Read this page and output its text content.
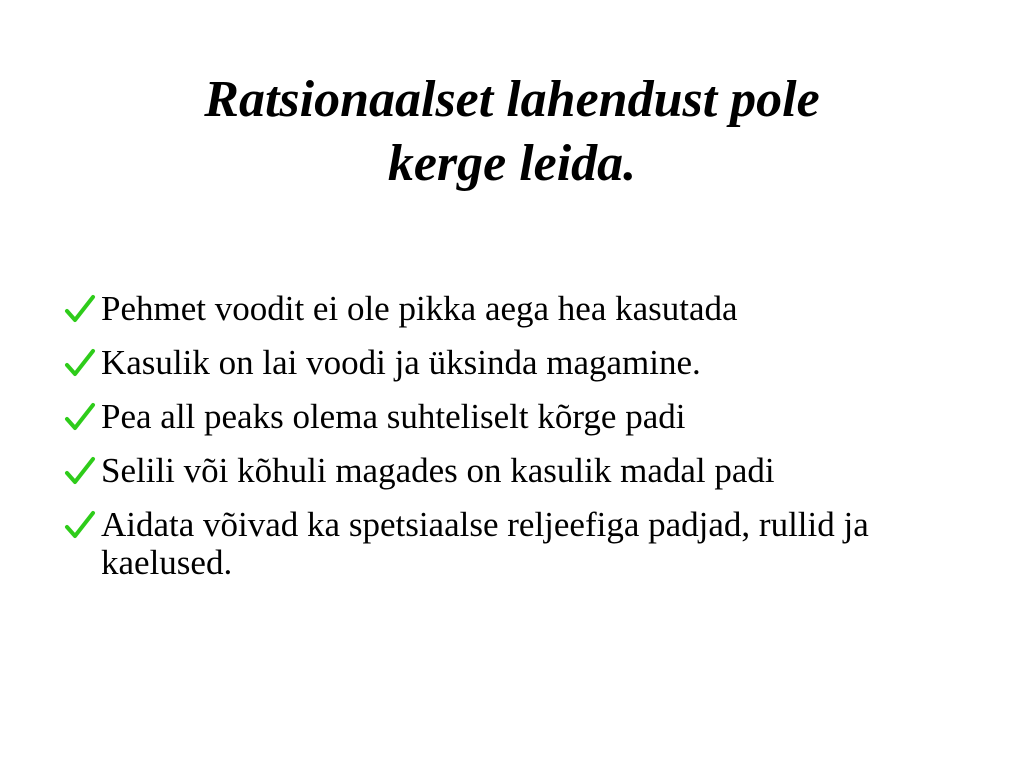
Ratsionaalset lahendust pole
kerge leida.
Pehmet voodit ei ole pikka aega hea kasutada
Kasulik on lai voodi ja üksinda magamine.
Pea all peaks olema suhteliselt kõrge padi
Selili või kõhuli magades on kasulik madal padi
Aidata võivad ka spetsiaalse reljeefiga padjad, rullid ja kaelused.
